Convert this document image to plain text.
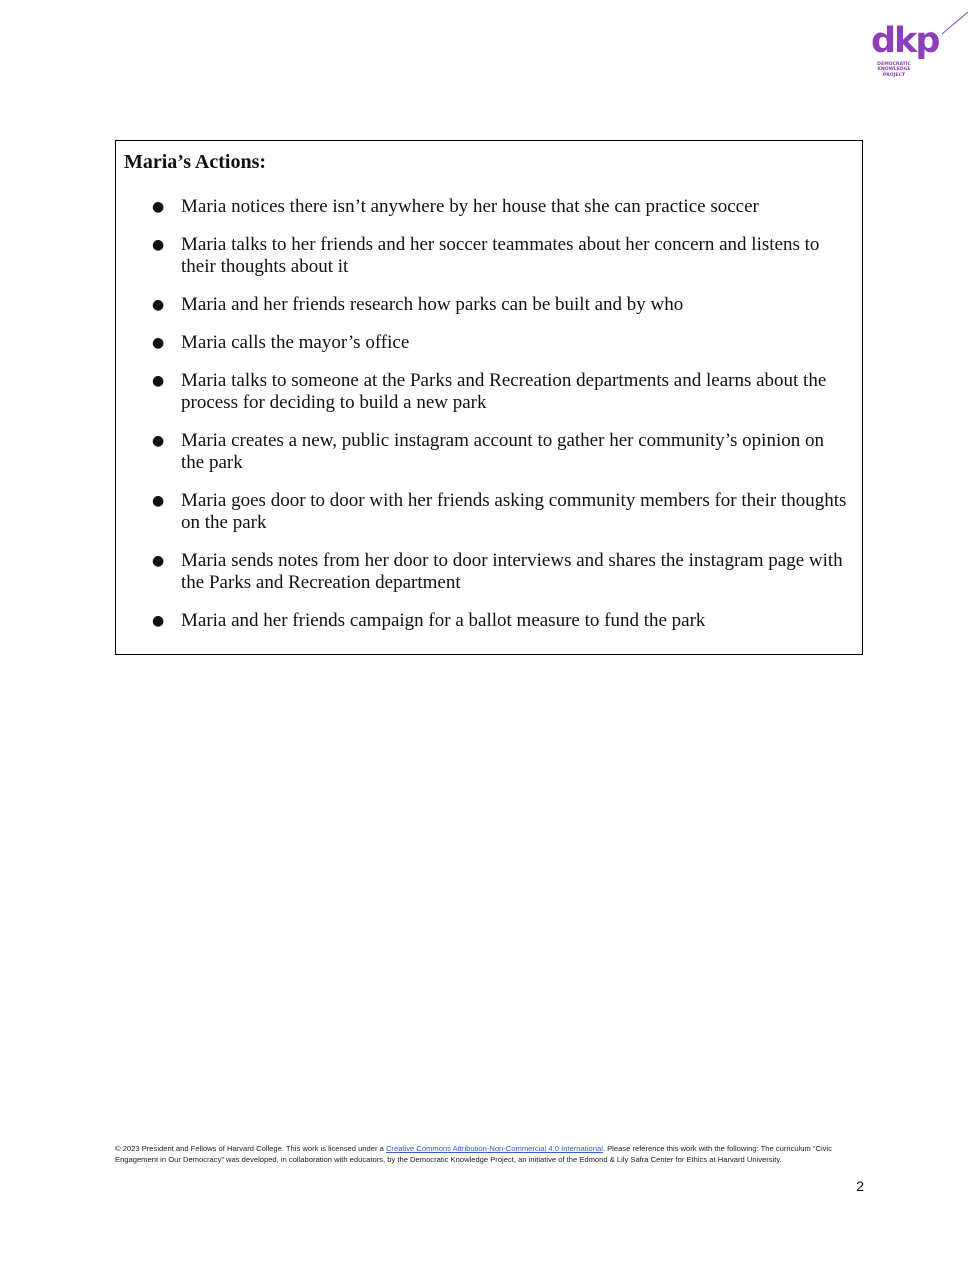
dkp
DEMOCRATIC
KNOWLEDGE
PROJECT
Maria’s Actions:
● Maria notices there isn’t anywhere by her house that she can practice soccer
● Maria talks to her friends and her soccer teammates about her concern and listens to their thoughts about it
● Maria and her friends research how parks can be built and by who
● Maria calls the mayor’s office
● Maria talks to someone at the Parks and Recreation departments and learns about the process for deciding to build a new park
● Maria creates a new, public instagram account to gather her community’s opinion on the park
● Maria goes door to door with her friends asking community members for their thoughts on the park
● Maria sends notes from her door to door interviews and shares the instagram page with the Parks and Recreation department
● Maria and her friends campaign for a ballot measure to fund the park
© 2023 President and Fellows of Harvard College. This work is licensed under a Creative Commons Attribution-Non-Commercial 4.0 International. Please reference this work with the following: The curriculum “Civic Engagement in Our Democracy” was developed, in collaboration with educators, by the Democratic Knowledge Project, an initiative of the Edmond & Lily Safra Center for Ethics at Harvard University.
2
